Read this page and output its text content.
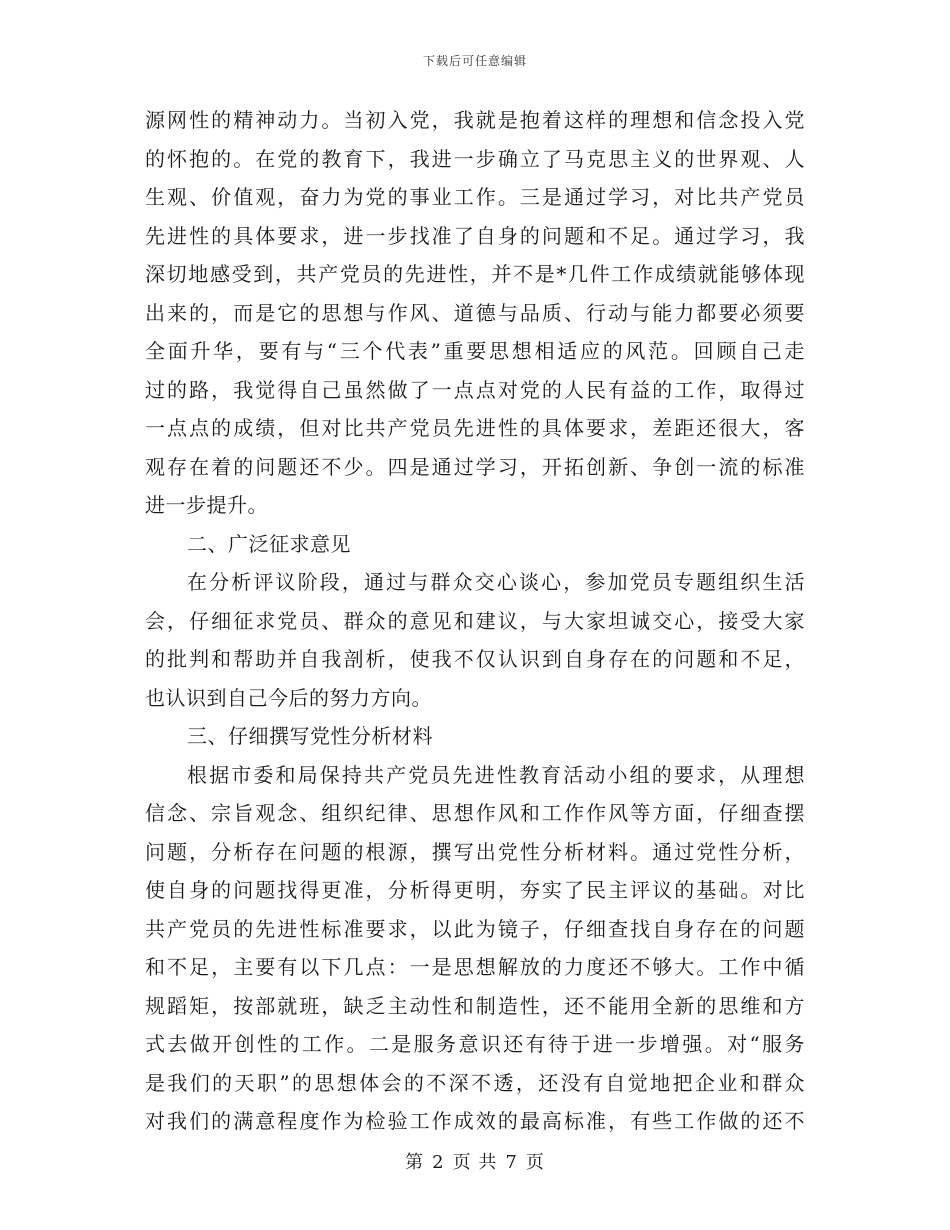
下载后可任意编辑
源网性的精神动力。当初入党，我就是抱着这样的理想和信念投入党
的怀抱的。在党的教育下，我进一步确立了马克思主义的世界观、人
生观、价值观，奋力为党的事业工作。三是通过学习，对比共产党员
先进性的具体要求，进一步找准了自身的问题和不足。通过学习，我
深切地感受到，共产党员的先进性，并不是*几件工作成绩就能够体现
出来的，而是它的思想与作风、道德与品质、行动与能力都要必须要
全面升华，要有与“三个代表”重要思想相适应的风范。回顾自己走
过的路，我觉得自己虽然做了一点点对党的人民有益的工作，取得过
一点点的成绩，但对比共产党员先进性的具体要求，差距还很大，客
观存在着的问题还不少。四是通过学习，开拓创新、争创一流的标准
进一步提升。
二、广泛征求意见
在分析评议阶段，通过与群众交心谈心，参加党员专题组织生活
会，仔细征求党员、群众的意见和建议，与大家坦诚交心，接受大家
的批判和帮助并自我剖析，使我不仅认识到自身存在的问题和不足，
也认识到自己今后的努力方向。
三、仔细撰写党性分析材料
根据市委和局保持共产党员先进性教育活动小组的要求，从理想
信念、宗旨观念、组织纪律、思想作风和工作作风等方面，仔细查摆
问题，分析存在问题的根源，撰写出党性分析材料。通过党性分析，
使自身的问题找得更准，分析得更明，夯实了民主评议的基础。对比
共产党员的先进性标准要求，以此为镜子，仔细查找自身存在的问题
和不足，主要有以下几点：一是思想解放的力度还不够大。工作中循
规蹈矩，按部就班，缺乏主动性和制造性，还不能用全新的思维和方
式去做开创性的工作。二是服务意识还有待于进一步增强。对“服务
是我们的天职”的思想体会的不深不透，还没有自觉地把企业和群众
对我们的满意程度作为检验工作成效的最高标准，有些工作做的还不
第 2 页 共 7 页
